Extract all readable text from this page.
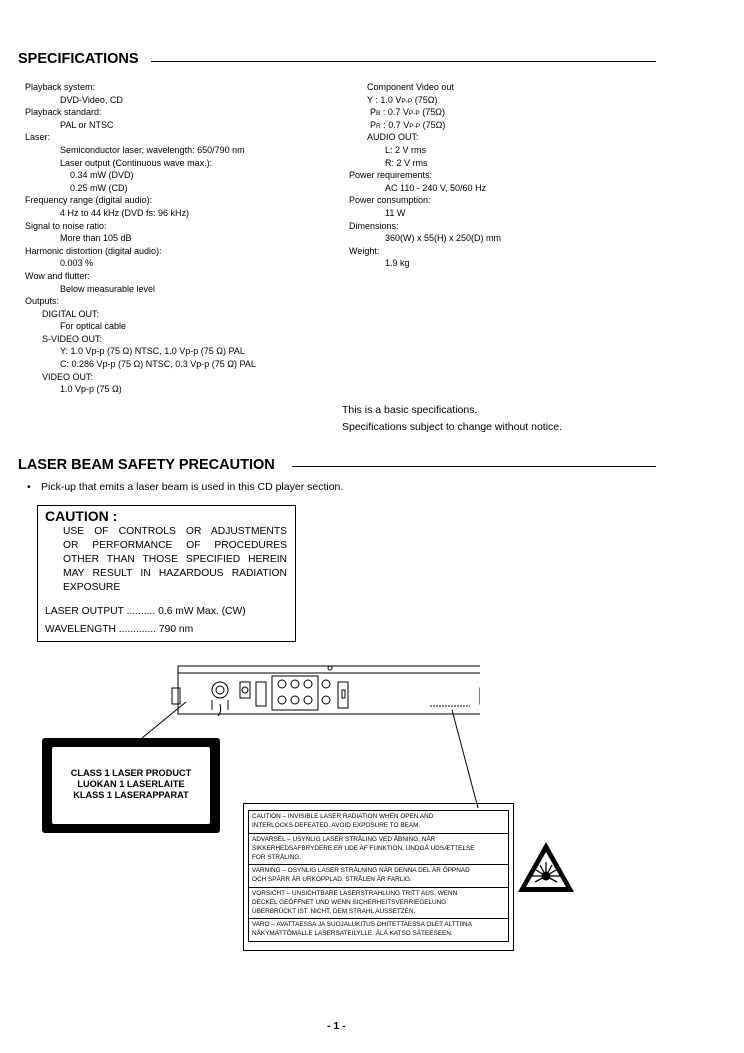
SPECIFICATIONS
Playback system:
DVD-Video, CD
Playback standard:
PAL or NTSC
Laser:
Semiconductor laser, wavelength: 650/790 nm
Laser output (Continuous wave max.):
0.34 mW (DVD)
0.25 mW (CD)
Frequency range (digital audio):
4 Hz to 44 kHz (DVD fs: 96 kHz)
Signal to noise ratio:
More than 105 dB
Harmonic distortion (digital audio):
0.003 %
Wow and flutter:
Below measurable level
Outputs:
DIGITAL OUT:
For optical cable
S-VIDEO OUT:
Y: 1.0 Vp-p (75 Ω) NTSC, 1.0 Vp-p (75 Ω) PAL
C: 0.286 Vp-p (75 Ω) NTSC, 0.3 Vp-p (75 Ω) PAL
VIDEO OUT:
1.0 Vp-p (75 Ω)
Component Video out
Y : 1.0 VP-P (75Ω)
PB : 0.7 VP-P (75Ω)
PR : 0.7 VP-P (75Ω)
AUDIO OUT:
L: 2 V rms
R: 2 V rms
Power requirements:
AC 110 - 240 V, 50/60 Hz
Power consumption:
11 W
Dimensions:
360(W) x 55(H) x 250(D) mm
Weight:
1.9 kg
This is a basic specifications.
Specifications subject to change without notice.
LASER BEAM SAFETY PRECAUTION
• Pick-up that emits a laser beam is used in this CD player section.
CAUTION :
USE OF CONTROLS OR ADJUSTMENTS
OR PERFORMANCE OF PROCEDURES
OTHER THAN THOSE SPECIFIED HEREIN
MAY RESULT IN HAZARDOUS RADIATION
EXPOSURE
LASER OUTPUT .......... 0.6 mW Max. (CW)
WAVELENGTH ............. 790 nm
CLASS 1 LASER PRODUCT
LUOKAN 1 LASERLAITE
KLASS 1 LASERAPPARAT
CAUTION – INVISIBLE LASER RADIATION WHEN OPEN AND
INTERLOCKS DEFEATED. AVOID EXPOSURE TO BEAM.
ADVARSEL – USYNLIG LASER STRÅLING VED ÅBNING, NÅR
SIKKERHEDSAFBRYDERE ER UDE AF FUNKTION, UNDGÅ UDSÆTTELSE
FOR STRÅLING.
VARNING – OSYNLIG LASER STRÅLNING NÄR DENNA DEL ÄR ÖPPNAD
OCH SPÄRR ÄR URKOPPLAD. STRÅLEN ÄR FARLIG.
VORSICHT – UNSICHTBARE LASERSTRAHLUNG TRITT AUS, WENN
DECKEL GEÖFFNET UND WENN SICHERHEITSVERRIEGELUNG
ÜBERBRÜCKT IST. NICHT, DEM STRAHL AUSSETZEN.
VARO – AVATTAESSA JA SUOJALUKITUS OHITETTAESSA OLET ALTTIINA
NÄKYMÄTTÖMÄLLE LASERSATEILYLLE. ÄLÄ KATSO SÄTEESEEN.
- 1 -
